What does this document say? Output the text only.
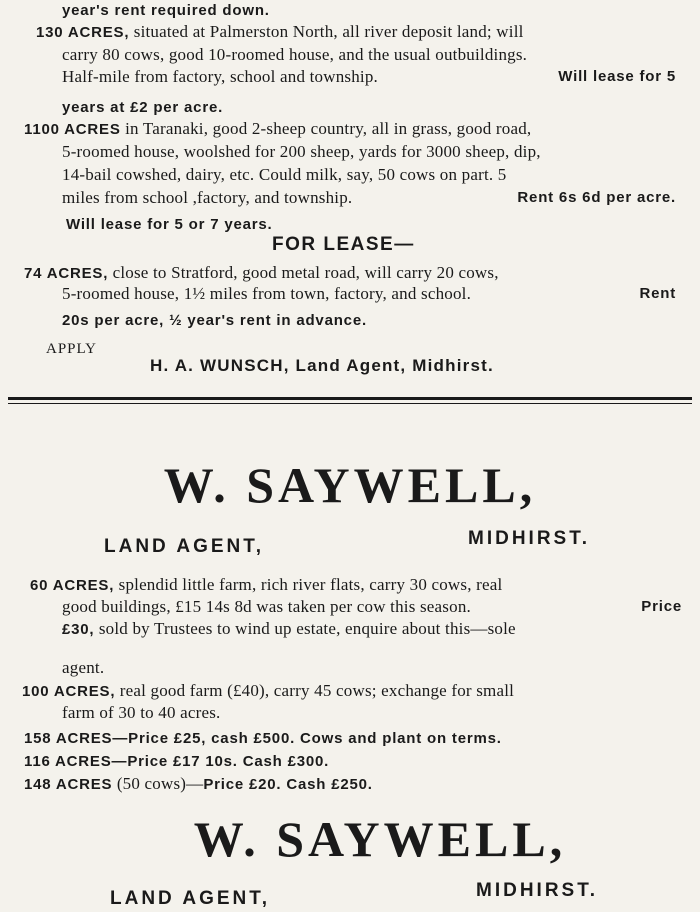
year's rent required down.
130 ACRES, situated at Palmerston North, all river deposit land; will
carry 80 cows, good 10-roomed house, and the usual outbuildings.
Half-mile from factory, school and township.	Will lease for 5
years at £2 per acre.
1100 ACRES in Taranaki, good 2-sheep country, all in grass, good road,
5-roomed house, woolshed for 200 sheep, yards for 3000 sheep, dip,
14-bail cowshed, dairy, etc. Could milk, say, 50 cows on part. 5
miles from school ,factory, and township.	Rent 6s 6d per acre.
Will lease for 5 or 7 years.
FOR LEASE—
74 ACRES, close to Stratford, good metal road, will carry 20 cows,
5-roomed house, 1½ miles from town, factory, and school.	Rent
20s per acre, ½ year's rent in advance.
APPLY
H. A. WUNSCH, Land Agent, Midhirst.
W. SAYWELL,
LAND AGENT,	MIDHIRST.
60 ACRES, splendid little farm, rich river flats, carry 30 cows, real
good buildings, £15 14s 8d was taken per cow this season.	Price
£30, sold by Trustees to wind up estate, enquire about this—sole
agent.
100 ACRES, real good farm (£40), carry 45 cows; exchange for small
farm of 30 to 40 acres.
158 ACRES—Price £25, cash £500. Cows and plant on terms.
116 ACRES—Price £17 10s. Cash £300.
148 ACRES (50 cows)—Price £20. Cash £250.
W. SAYWELL,
LAND AGENT,	MIDHIRST.
